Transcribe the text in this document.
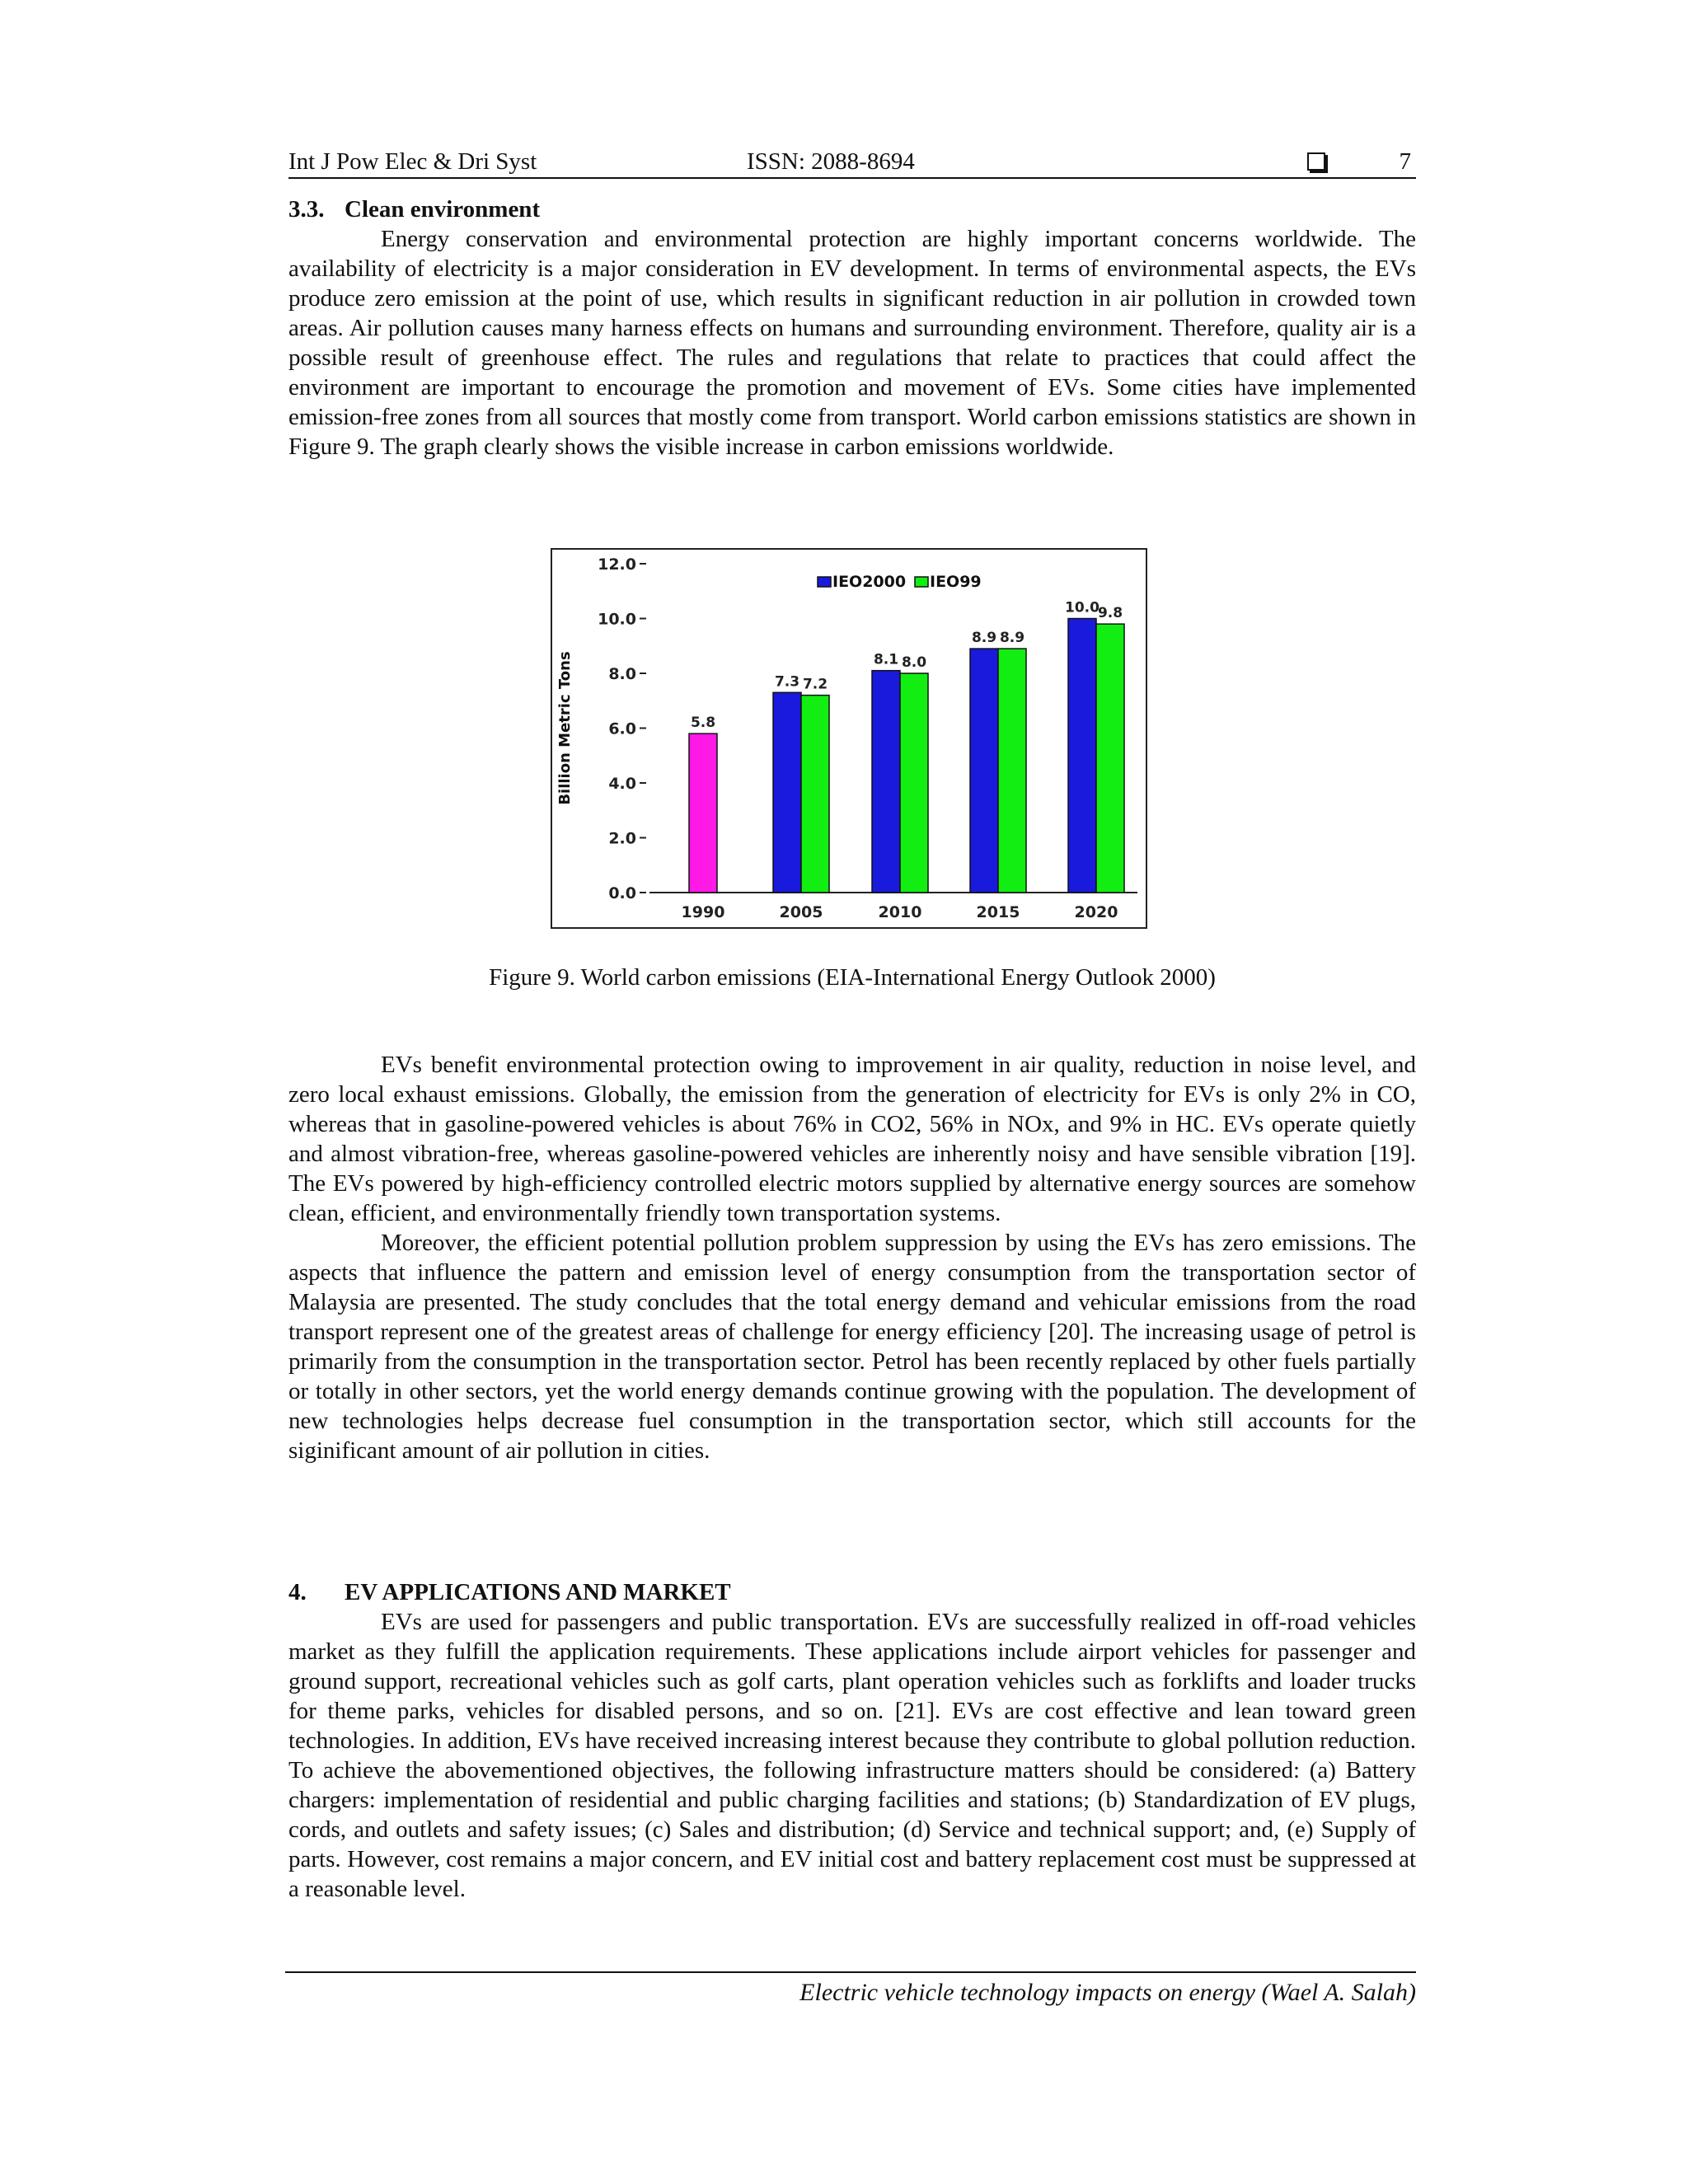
Int J Pow Elec & Dri Syst	ISSN: 2088-8694	7
3.3. Clean environment

Energy conservation and environmental protection are highly important concerns worldwide. The availability of electricity is a major consideration in EV development. In terms of environmental aspects, the EVs produce zero emission at the point of use, which results in significant reduction in air pollution in crowded town areas. Air pollution causes many harness effects on humans and surrounding environment. Therefore, quality air is a possible result of greenhouse effect. The rules and regulations that relate to practices that could affect the environment are important to encourage the promotion and movement of EVs. Some cities have implemented emission-free zones from all sources that mostly come from transport. World carbon emissions statistics are shown in Figure 9. The graph clearly shows the visible increase in carbon emissions worldwide.

0.0
2.0
4.0
6.0
8.0
10.0
12.0
Billion Metric Tons
1990	2005	2010	2015	2020
5.8
7.3
8.1
8.9
10.0
7.2
8.0
8.9
9.8
IEO2000 IEO99
Figure 9. World carbon emissions (EIA-International Energy Outlook 2000)

EVs benefit environmental protection owing to improvement in air quality, reduction in noise level, and zero local exhaust emissions. Globally, the emission from the generation of electricity for EVs is only 2% in CO, whereas that in gasoline-powered vehicles is about 76% in CO2, 56% in NOx, and 9% in HC. EVs operate quietly and almost vibration-free, whereas gasoline-powered vehicles are inherently noisy and have sensible vibration [19]. The EVs powered by high-efficiency controlled electric motors supplied by alternative energy sources are somehow clean, efficient, and environmentally friendly town transportation systems.

Moreover, the efficient potential pollution problem suppression by using the EVs has zero emissions. The aspects that influence the pattern and emission level of energy consumption from the transportation sector of Malaysia are presented. The study concludes that the total energy demand and vehicular emissions from the road transport represent one of the greatest areas of challenge for energy efficiency [20]. The increasing usage of petrol is primarily from the consumption in the transportation sector. Petrol has been recently replaced by other fuels partially or totally in other sectors, yet the world energy demands continue growing with the population. The development of new technologies helps decrease fuel consumption in the transportation sector, which still accounts for the siginificant amount of air pollution in cities.

4. EV APPLICATIONS AND MARKET

EVs are used for passengers and public transportation. EVs are successfully realized in off-road vehicles market as they fulfill the application requirements. These applications include airport vehicles for passenger and ground support, recreational vehicles such as golf carts, plant operation vehicles such as forklifts and loader trucks for theme parks, vehicles for disabled persons, and so on. [21]. EVs are cost effective and lean toward green technologies. In addition, EVs have received increasing interest because they contribute to global pollution reduction. To achieve the abovementioned objectives, the following infrastructure matters should be considered: (a) Battery chargers: implementation of residential and public charging facilities and stations; (b) Standardization of EV plugs, cords, and outlets and safety issues; (c) Sales and distribution; (d) Service and technical support; and, (e) Supply of parts. However, cost remains a major concern, and EV initial cost and battery replacement cost must be suppressed at a reasonable level.

Electric vehicle technology impacts on energy (Wael A. Salah)
